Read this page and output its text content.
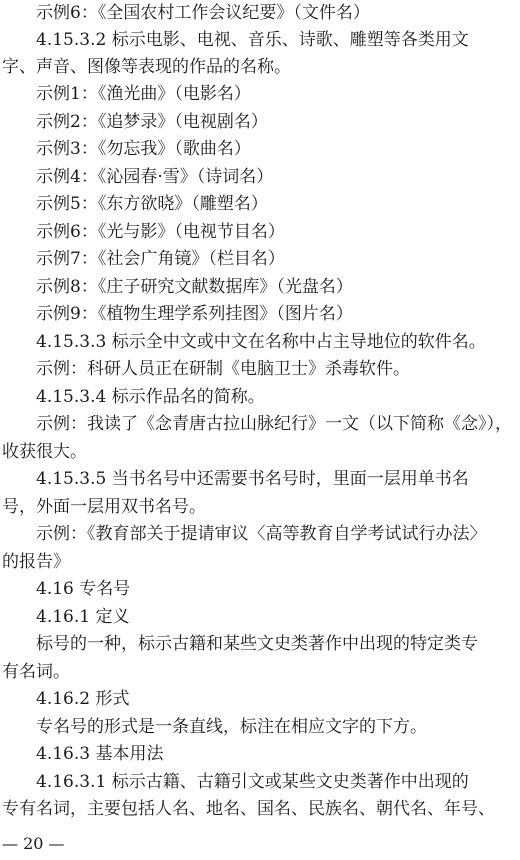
示例6：《全国农村工作会议纪要》（文件名）
4.15.3.2 标示电影、电视、音乐、诗歌、雕塑等各类用文
字、声音、图像等表现的作品的名称。
示例1：《渔光曲》（电影名）
示例2：《追梦录》（电视剧名）
示例3：《勿忘我》（歌曲名）
示例4：《沁园春·雪》（诗词名）
示例5：《东方欲晓》（雕塑名）
示例6：《光与影》（电视节目名）
示例7：《社会广角镜》（栏目名）
示例8：《庄子研究文献数据库》（光盘名）
示例9：《植物生理学系列挂图》（图片名）
4.15.3.3 标示全中文或中文在名称中占主导地位的软件名。
示例：科研人员正在研制《电脑卫士》杀毒软件。
4.15.3.4 标示作品名的简称。
示例：我读了《念青唐古拉山脉纪行》一文（以下简称《念》），
收获很大。
4.15.3.5 当书名号中还需要书名号时，里面一层用单书名
号，外面一层用双书名号。
示例：《教育部关于提请审议〈高等教育自学考试试行办法〉
的报告》
4.16 专名号
4.16.1 定义
标号的一种，标示古籍和某些文史类著作中出现的特定类专
有名词。
4.16.2 形式
专名号的形式是一条直线，标注在相应文字的下方。
4.16.3 基本用法
4.16.3.1 标示古籍、古籍引文或某些文史类著作中出现的
专有名词，主要包括人名、地名、国名、民族名、朝代名、年号、
— 20 —
